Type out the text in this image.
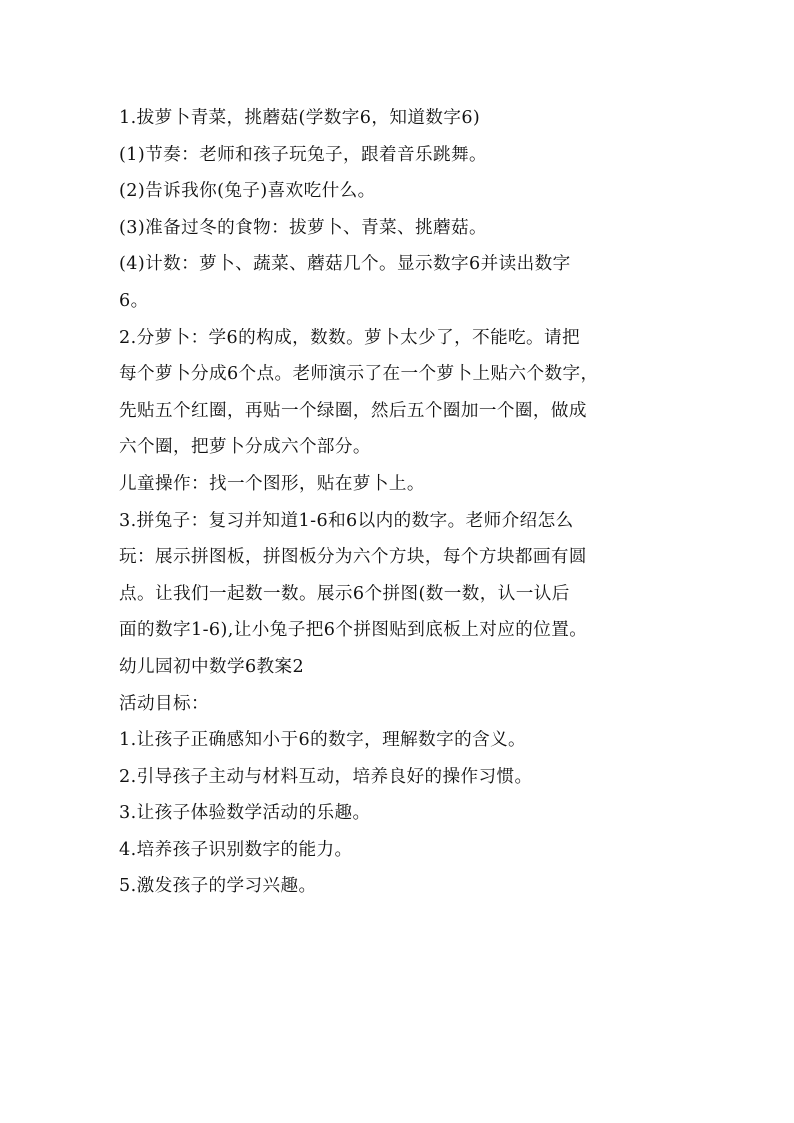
1.拔萝卜青菜，挑蘑菇(学数字6，知道数字6)
(1)节奏：老师和孩子玩兔子，跟着音乐跳舞。
(2)告诉我你(兔子)喜欢吃什么。
(3)准备过冬的食物：拔萝卜、青菜、挑蘑菇。
(4)计数：萝卜、蔬菜、蘑菇几个。显示数字6并读出数字
6。
2.分萝卜：学6的构成，数数。萝卜太少了，不能吃。请把
每个萝卜分成6个点。老师演示了在一个萝卜上贴六个数字，
先贴五个红圈，再贴一个绿圈，然后五个圈加一个圈，做成
六个圈，把萝卜分成六个部分。
儿童操作：找一个图形，贴在萝卜上。
3.拼兔子：复习并知道1-6和6以内的数字。老师介绍怎么
玩：展示拼图板，拼图板分为六个方块，每个方块都画有圆
点。让我们一起数一数。展示6个拼图(数一数，认一认后
面的数字1-6),让小兔子把6个拼图贴到底板上对应的位置。
幼儿园初中数学6教案2
活动目标：
1.让孩子正确感知小于6的数字，理解数字的含义。
2.引导孩子主动与材料互动，培养良好的操作习惯。
3.让孩子体验数学活动的乐趣。
4.培养孩子识别数字的能力。
5.激发孩子的学习兴趣。
